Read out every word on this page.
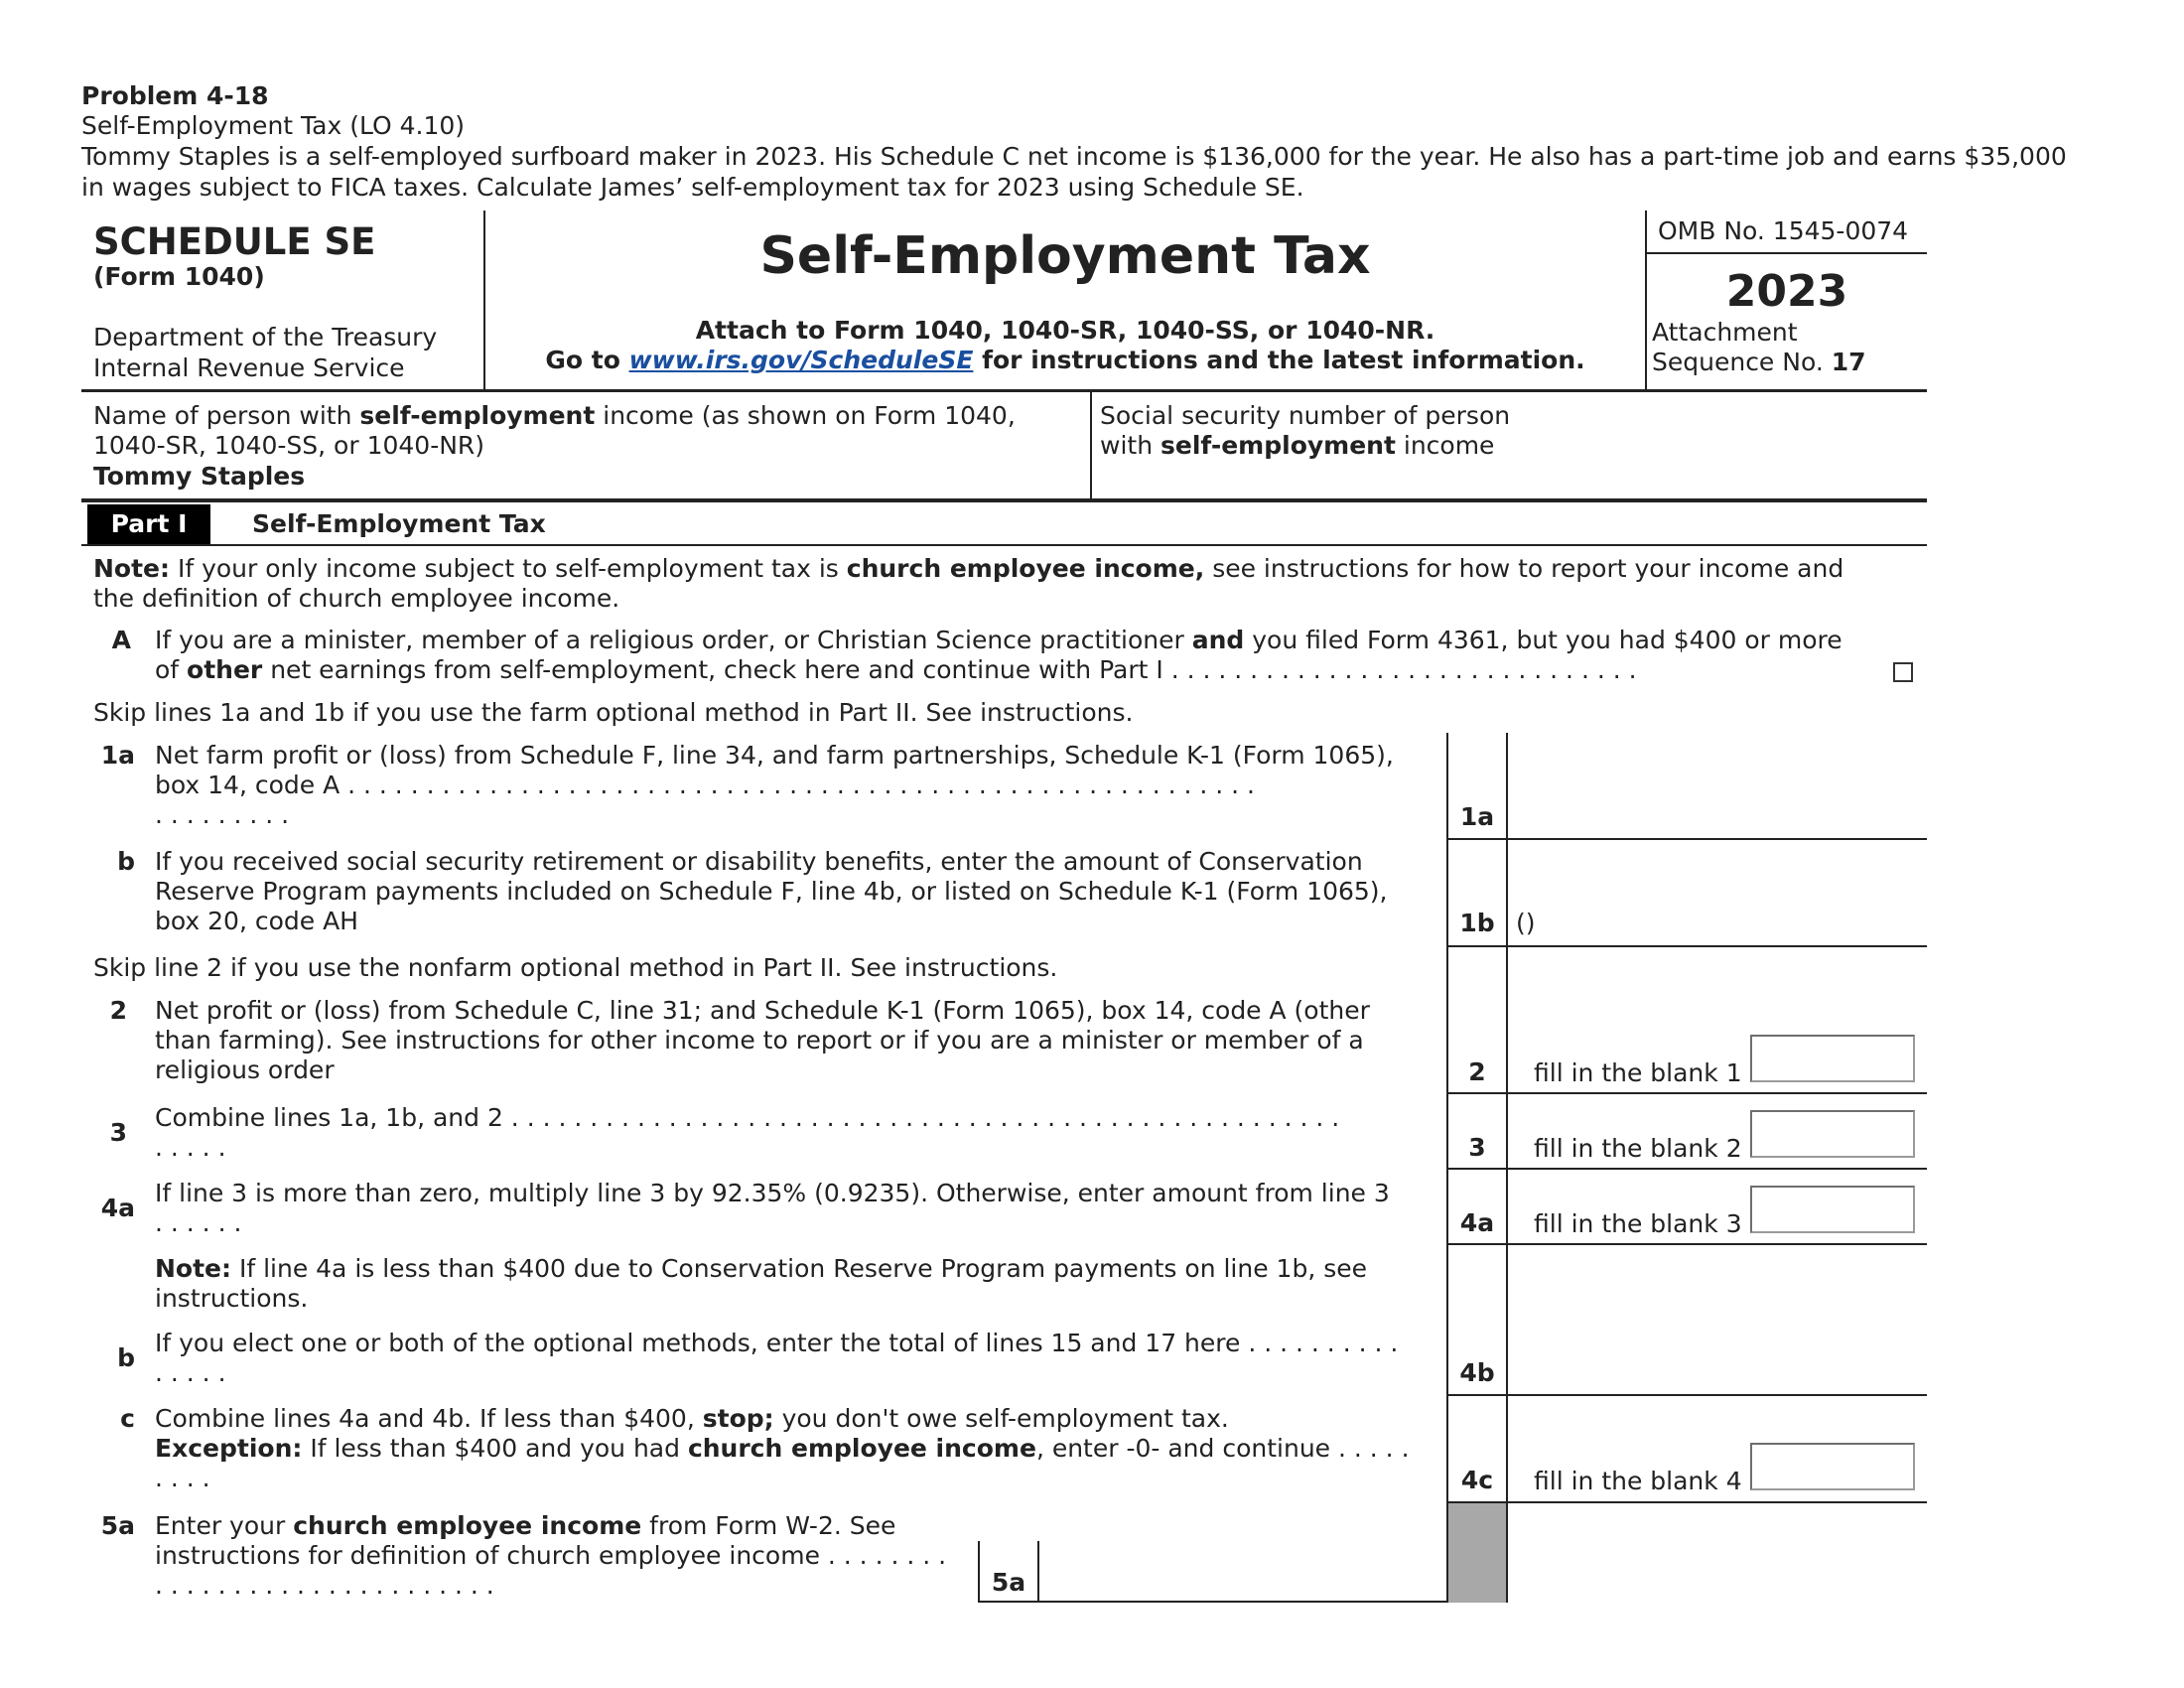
Problem 4-18
Self-Employment Tax (LO 4.10)
Tommy Staples is a self-employed surfboard maker in 2023. His Schedule C net income is $136,000 for the year. He also has a part-time job and earns $35,000
in wages subject to FICA taxes. Calculate James’ self-employment tax for 2023 using Schedule SE.
SCHEDULE SE
(Form 1040)
Department of the Treasury
Internal Revenue Service
Self-Employment Tax
Attach to Form 1040, 1040-SR, 1040-SS, or 1040-NR.
Go to www.irs.gov/ScheduleSE for instructions and the latest information.
OMB No. 1545-0074
2023
Attachment
Sequence No. 17
Name of person with self-employment income (as shown on Form 1040,
1040-SR, 1040-SS, or 1040-NR)
Tommy Staples
Social security number of person
with self-employment income
Part I	Self-Employment Tax
Note: If your only income subject to self-employment tax is church employee income, see instructions for how to report your income and
the definition of church employee income.
A If you are a minister, member of a religious order, or Christian Science practitioner and you filed Form 4361, but you had $400 or more
of other net earnings from self-employment, check here and continue with Part I . . . . . . . . . . . . . . . . . . . . . . . . . . . . . .
Skip lines 1a and 1b if you use the farm optional method in Part II. See instructions.
1a Net farm profit or (loss) from Schedule F, line 34, and farm partnerships, Schedule K-1 (Form 1065),
box 14, code A . . . . . . . . . . . . . . . . . . . . . . . . . . . . . . . . . . . . . . . . . . . . . . . . . . . . . . . . . .
. . . . . . . . .	1a
b If you received social security retirement or disability benefits, enter the amount of Conservation
Reserve Program payments included on Schedule F, line 4b, or listed on Schedule K-1 (Form 1065),
box 20, code AH	1b ()
Skip line 2 if you use the nonfarm optional method in Part II. See instructions.
2 Net profit or (loss) from Schedule C, line 31; and Schedule K-1 (Form 1065), box 14, code A (other
than farming). See instructions for other income to report or if you are a minister or member of a
religious order	2	fill in the blank 1
3
Combine lines 1a, 1b, and 2 . . . . . . . . . . . . . . . . . . . . . . . . . . . . . . . . . . . . . . . . . . . . . . . . . . . . .
. . . . .	3	fill in the blank 2
4a
If line 3 is more than zero, multiply line 3 by 92.35% (0.9235). Otherwise, enter amount from line 3
. . . . . .	4a	fill in the blank 3
Note: If line 4a is less than $400 due to Conservation Reserve Program payments on line 1b, see
instructions.
b
If you elect one or both of the optional methods, enter the total of lines 15 and 17 here . . . . . . . . . .
. . . . .	4b
c Combine lines 4a and 4b. If less than $400, stop; you don't owe self-employment tax.
Exception: If less than $400 and you had church employee income, enter -0- and continue . . . . .
. . . .	4c	fill in the blank 4
5a Enter your church employee income from Form W-2. See
instructions for definition of church employee income . . . . . . . .
. . . . . . . . . . . . . . . . . . . . . .	5a
